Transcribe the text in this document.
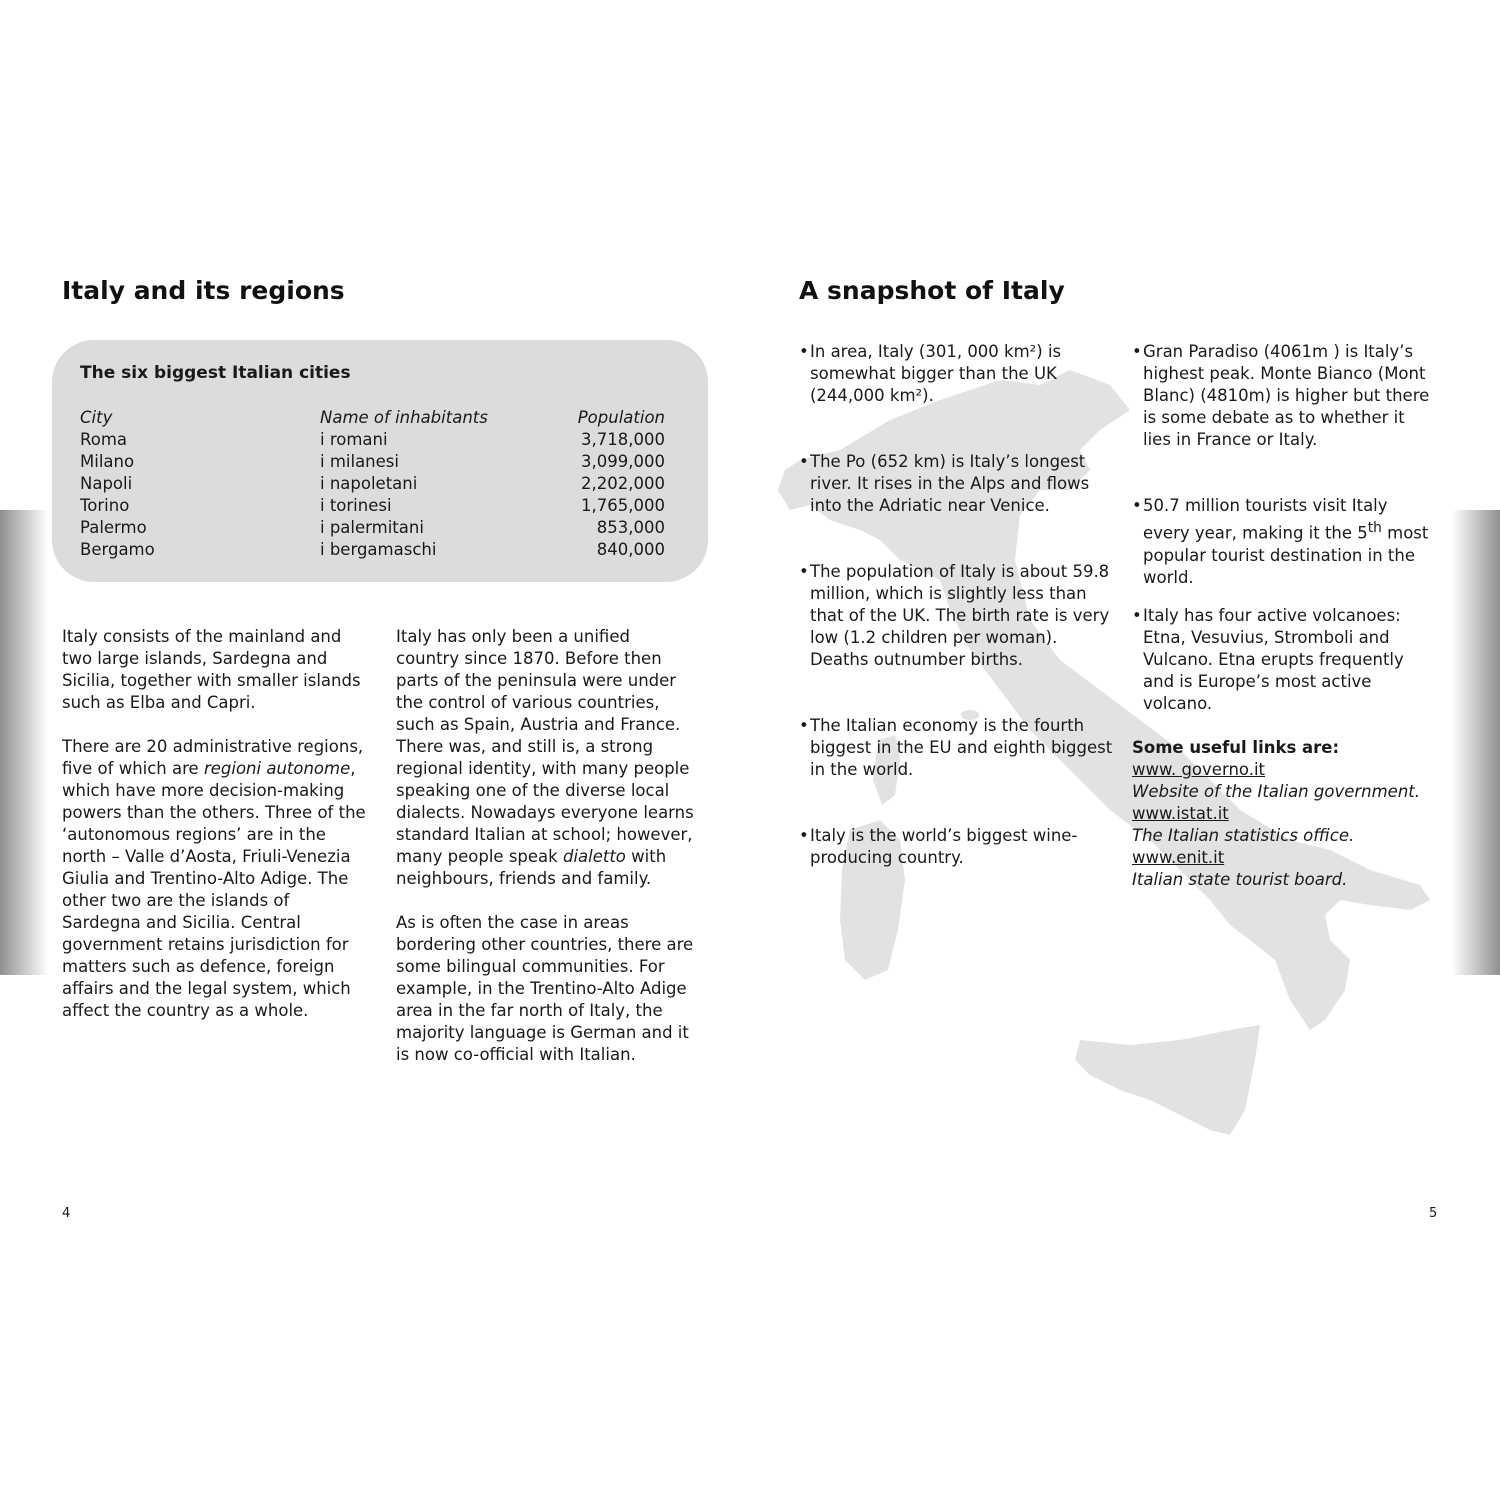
Italy and its regions	A snapshot of Italy
The six biggest Italian cities
City	Name of inhabitants	Population
Roma	i romani	3,718,000
Milano	i milanesi	3,099,000
Napoli	i napoletani	2,202,000
Torino	i torinesi	1,765,000
Palermo	i palermitani	853,000
Bergamo	i bergamaschi	840,000

Italy consists of the mainland and two large islands, Sardegna and Sicilia, together with smaller islands such as Elba and Capri.

There are 20 administrative regions, five of which are regioni autonome, which have more decision-making powers than the others. Three of the ‘autonomous regions’ are in the north – Valle d’Aosta, Friuli-Venezia Giulia and Trentino-Alto Adige. The other two are the islands of Sardegna and Sicilia. Central government retains jurisdiction for matters such as defence, foreign affairs and the legal system, which affect the country as a whole.

Italy has only been a unified country since 1870. Before then parts of the peninsula were under the control of various countries, such as Spain, Austria and France. There was, and still is, a strong regional identity, with many people speaking one of the diverse local dialects. Nowadays everyone learns standard Italian at school; however, many people speak dialetto with neighbours, friends and family.

As is often the case in areas bordering other countries, there are some bilingual communities. For example, in the Trentino-Alto Adige area in the far north of Italy, the majority language is German and it is now co-official with Italian.

• In area, Italy (301, 000 km²) is somewhat bigger than the UK (244,000 km²).
• The Po (652 km) is Italy’s longest river. It rises in the Alps and flows into the Adriatic near Venice.
• The population of Italy is about 59.8 million, which is slightly less than that of the UK. The birth rate is very low (1.2 children per woman). Deaths outnumber births.
• The Italian economy is the fourth biggest in the EU and eighth biggest in the world.
• Italy is the world’s biggest wine-producing country.
• Gran Paradiso (4061m ) is Italy’s highest peak. Monte Bianco (Mont Blanc) (4810m) is higher but there is some debate as to whether it lies in France or Italy.
• 50.7 million tourists visit Italy every year, making it the 5th most popular tourist destination in the world.
• Italy has four active volcanoes: Etna, Vesuvius, Stromboli and Vulcano. Etna erupts frequently and is Europe’s most active volcano.
Some useful links are:
www. governo.it
Website of the Italian government.
www.istat.it
The Italian statistics office.
www.enit.it
Italian state tourist board.
4	5
